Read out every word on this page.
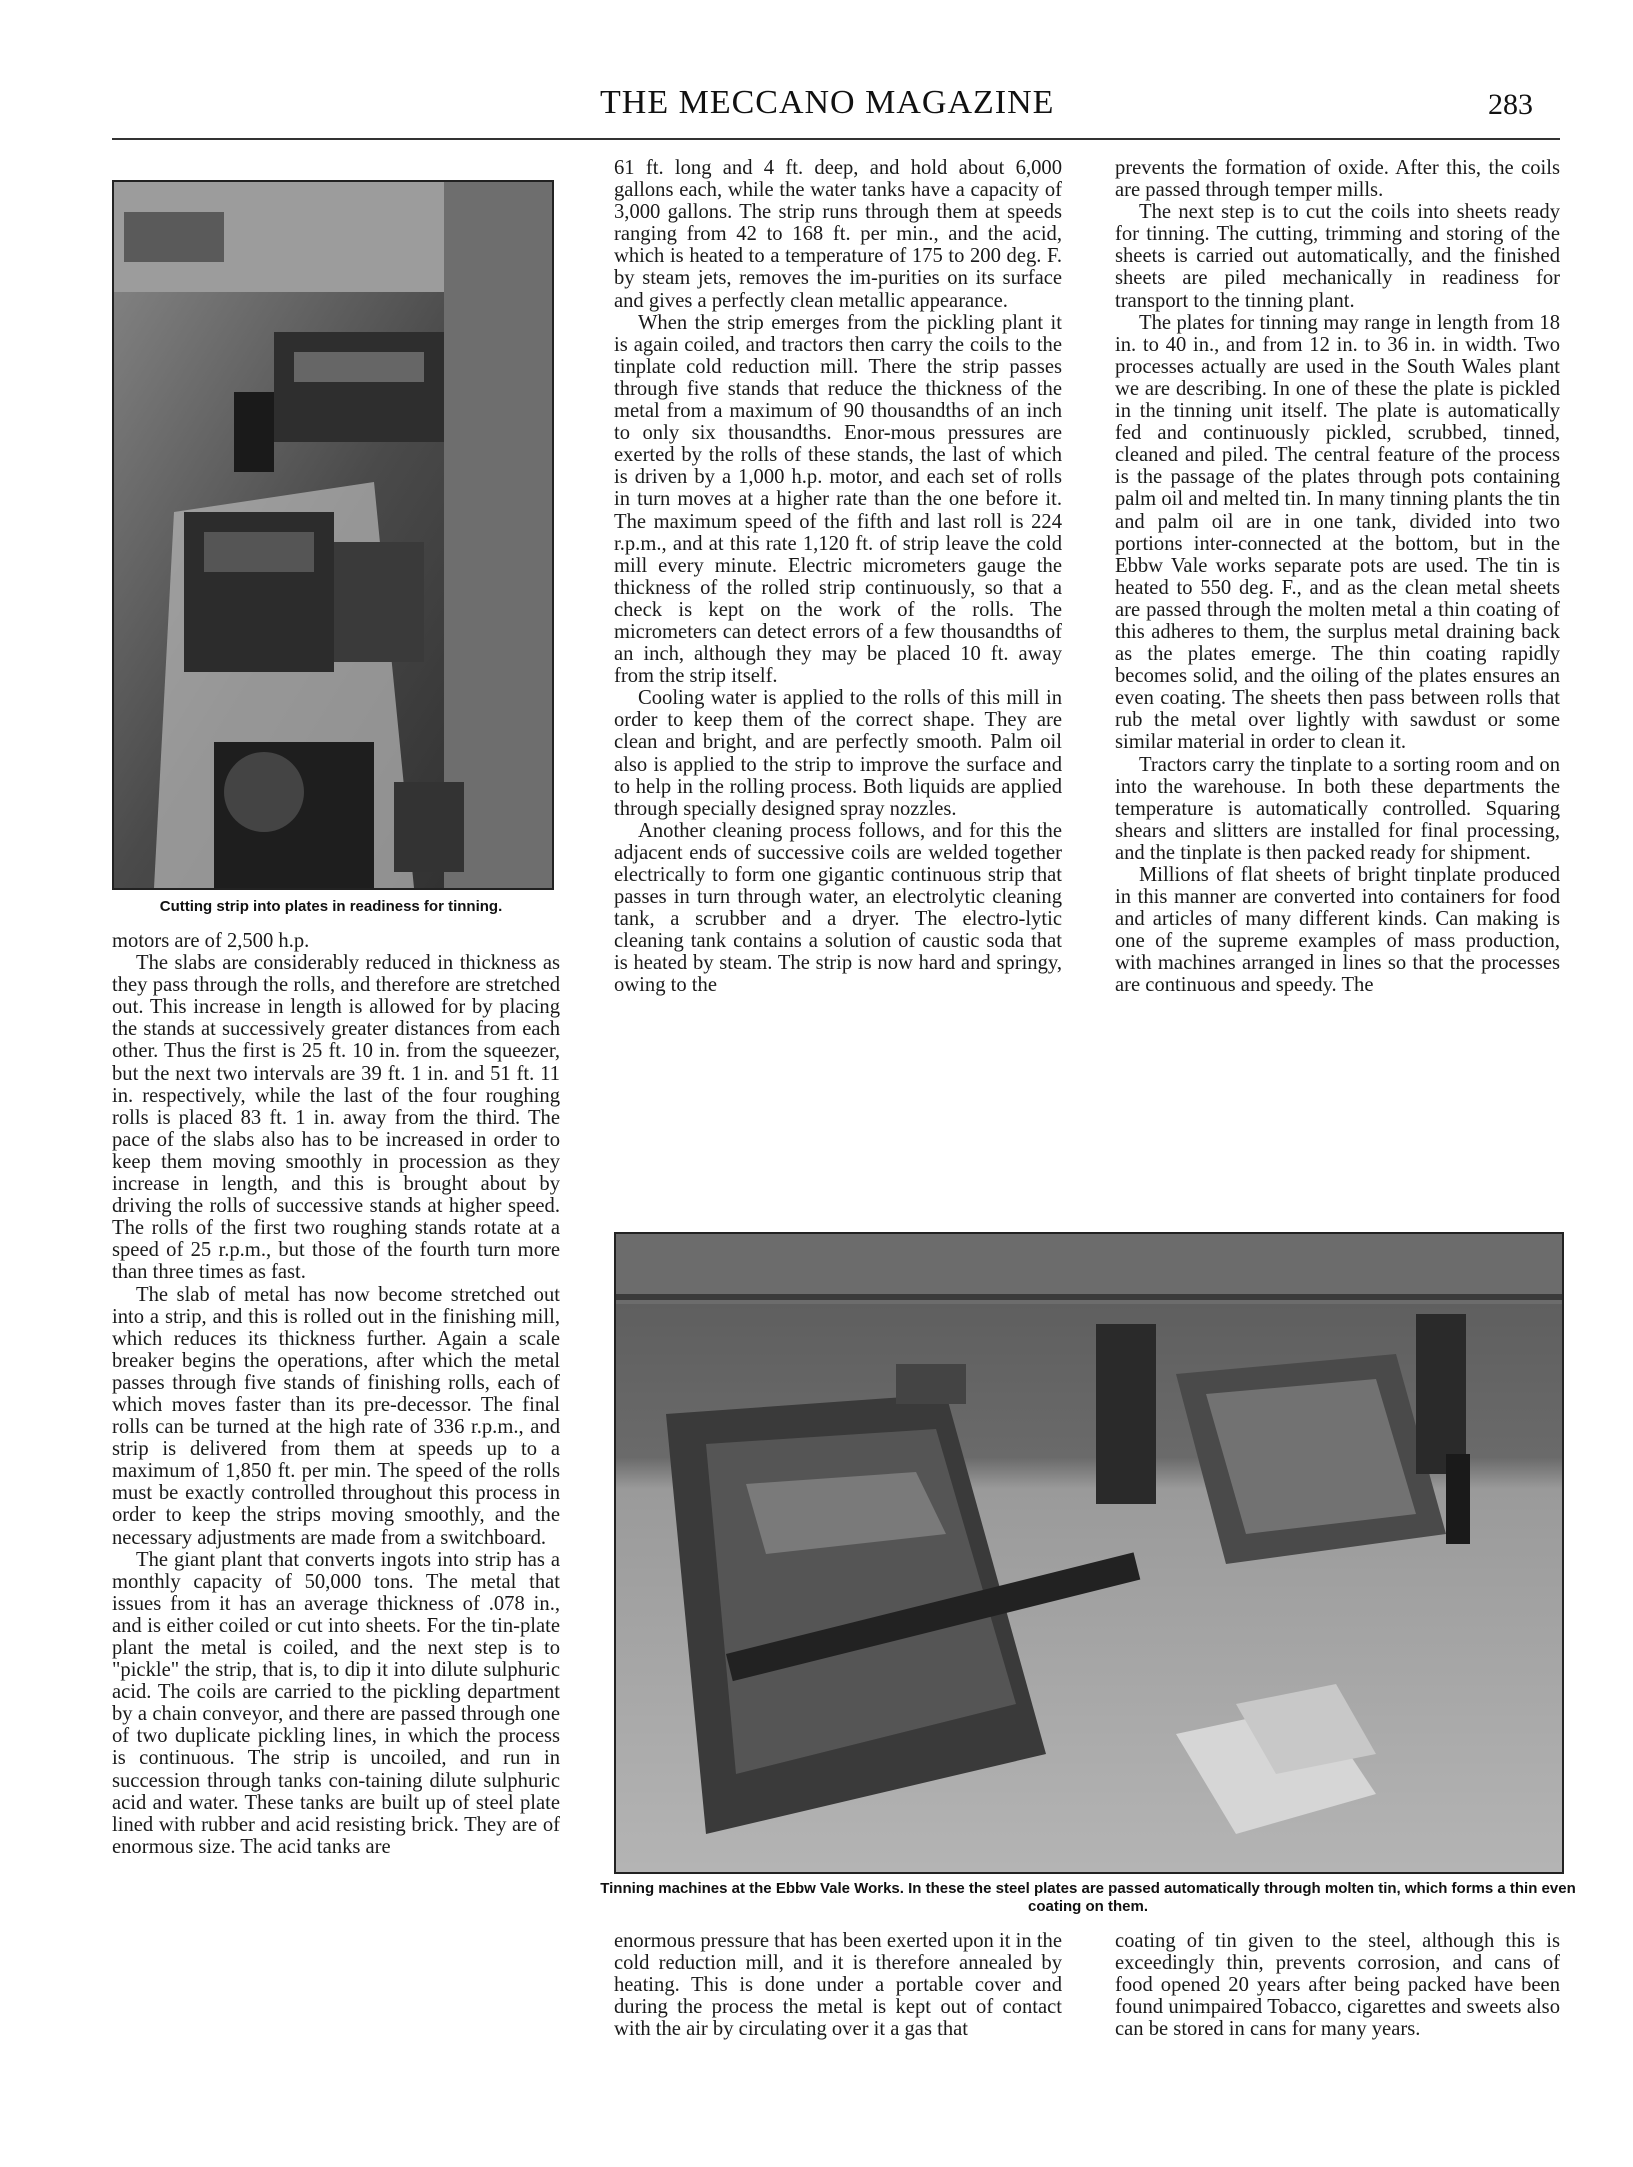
THE MECCANO MAGAZINE	283
Cutting strip into plates in readiness for tinning.

motors are of 2,500 h.p.

The slabs are considerably reduced in thickness as they pass through the rolls, and therefore are stretched out. This increase in length is allowed for by placing the stands at successively greater distances from each other. Thus the first is 25 ft. 10 in. from the squeezer, but the next two intervals are 39 ft. 1 in. and 51 ft. 11 in. respectively, while the last of the four roughing rolls is placed 83 ft. 1 in. away from the third. The pace of the slabs also has to be increased in order to keep them moving smoothly in procession as they increase in length, and this is brought about by driving the rolls of successive stands at higher speed. The rolls of the first two roughing stands rotate at a speed of 25 r.p.m., but those of the fourth turn more than three times as fast.

The slab of metal has now become stretched out into a strip, and this is rolled out in the finishing mill, which reduces its thickness further. Again a scale breaker begins the operations, after which the metal passes through five stands of finishing rolls, each of which moves faster than its pre-decessor. The final rolls can be turned at the high rate of 336 r.p.m., and strip is delivered from them at speeds up to a maximum of 1,850 ft. per min. The speed of the rolls must be exactly controlled throughout this process in order to keep the strips moving smoothly, and the necessary adjustments are made from a switchboard.

The giant plant that converts ingots into strip has a monthly capacity of 50,000 tons. The metal that issues from it has an average thickness of .078 in., and is either coiled or cut into sheets. For the tin-plate plant the metal is coiled, and the next step is to "pickle" the strip, that is, to dip it into dilute sulphuric acid. The coils are carried to the pickling department by a chain conveyor, and there are passed through one of two duplicate pickling lines, in which the process is continuous. The strip is uncoiled, and run in succession through tanks con-taining dilute sulphuric acid and water. These tanks are built up of steel plate lined with rubber and acid resisting brick. They are of enormous size. The acid tanks are

61 ft. long and 4 ft. deep, and hold about 6,000 gallons each, while the water tanks have a capacity of 3,000 gallons. The strip runs through them at speeds ranging from 42 to 168 ft. per min., and the acid, which is heated to a temperature of 175 to 200 deg. F. by steam jets, removes the im-purities on its surface and gives a perfectly clean metallic appearance.

When the strip emerges from the pickling plant it is again coiled, and tractors then carry the coils to the tinplate cold reduction mill. There the strip passes through five stands that reduce the thickness of the metal from a maximum of 90 thousandths of an inch to only six thousandths. Enor-mous pressures are exerted by the rolls of these stands, the last of which is driven by a 1,000 h.p. motor, and each set of rolls in turn moves at a higher rate than the one before it. The maximum speed of the fifth and last roll is 224 r.p.m., and at this rate 1,120 ft. of strip leave the cold mill every minute. Electric micrometers gauge the thickness of the rolled strip continuously, so that a check is kept on the work of the rolls. The micrometers can detect errors of a few thousandths of an inch, although they may be placed 10 ft. away from the strip itself.

Cooling water is applied to the rolls of this mill in order to keep them of the correct shape. They are clean and bright, and are perfectly smooth. Palm oil also is applied to the strip to improve the surface and to help in the rolling process. Both liquids are applied through specially designed spray nozzles.

Another cleaning process follows, and for this the adjacent ends of successive coils are welded together electrically to form one gigantic continuous strip that passes in turn through water, an electrolytic cleaning tank, a scrubber and a dryer. The electro-lytic cleaning tank contains a solution of caustic soda that is heated by steam. The strip is now hard and springy, owing to the

prevents the formation of oxide. After this, the coils are passed through temper mills.

The next step is to cut the coils into sheets ready for tinning. The cutting, trimming and storing of the sheets is carried out automatically, and the finished sheets are piled mechanically in readiness for transport to the tinning plant.

The plates for tinning may range in length from 18 in. to 40 in., and from 12 in. to 36 in. in width. Two processes actually are used in the South Wales plant we are describing. In one of these the plate is pickled in the tinning unit itself. The plate is automatically fed and continuously pickled, scrubbed, tinned, cleaned and piled. The central feature of the process is the passage of the plates through pots containing palm oil and melted tin. In many tinning plants the tin and palm oil are in one tank, divided into two portions inter-connected at the bottom, but in the Ebbw Vale works separate pots are used. The tin is heated to 550 deg. F., and as the clean metal sheets are passed through the molten metal a thin coating of this adheres to them, the surplus metal draining back as the plates emerge. The thin coating rapidly becomes solid, and the oiling of the plates ensures an even coating. The sheets then pass between rolls that rub the metal over lightly with sawdust or some similar material in order to clean it.

Tractors carry the tinplate to a sorting room and on into the warehouse. In both these departments the temperature is automatically controlled. Squaring shears and slitters are installed for final processing, and the tinplate is then packed ready for shipment.

Millions of flat sheets of bright tinplate produced in this manner are converted into containers for food and articles of many different kinds. Can making is one of the supreme examples of mass production, with machines arranged in lines so that the processes are continuous and speedy. The

Tinning machines at the Ebbw Vale Works. In these the steel plates are passed automatically through molten tin, which forms a thin even coating on them.

enormous pressure that has been exerted upon it in the cold reduction mill, and it is therefore annealed by heating. This is done under a portable cover and during the process the metal is kept out of contact with the air by circulating over it a gas that

coating of tin given to the steel, although this is exceedingly thin, prevents corrosion, and cans of food opened 20 years after being packed have been found unimpaired Tobacco, cigarettes and sweets also can be stored in cans for many years.
